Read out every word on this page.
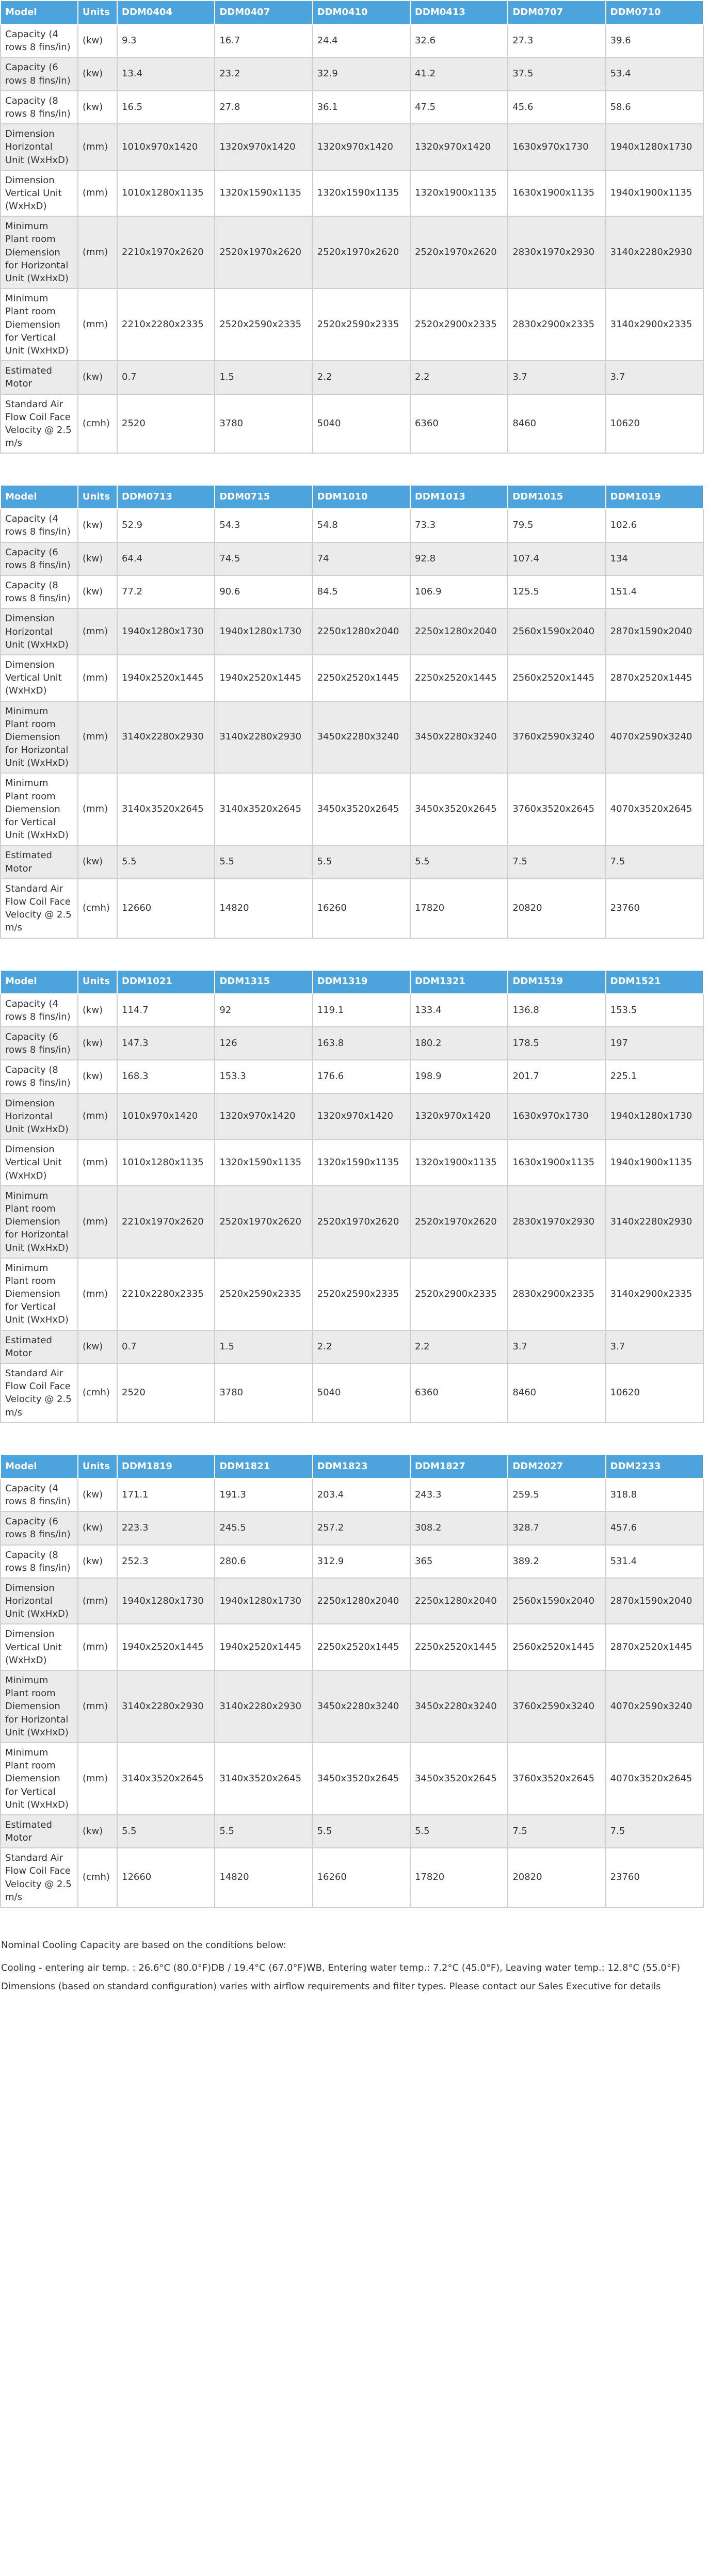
Model	Units	DDM0404	DDM0407	DDM0410	DDM0413	DDM0707	DDM0710
Capacity (4 rows 8 fins/in)	(kw)	9.3	16.7	24.4	32.6	27.3	39.6
Capacity (6 rows 8 fins/in)	(kw)	13.4	23.2	32.9	41.2	37.5	53.4
Capacity (8 rows 8 fins/in)	(kw)	16.5	27.8	36.1	47.5	45.6	58.6
Dimension Horizontal Unit (WxHxD)	(mm)	1010x970x1420	1320x970x1420	1320x970x1420	1320x970x1420	1630x970x1730	1940x1280x1730
Dimension Vertical Unit (WxHxD)	(mm)	1010x1280x1135	1320x1590x1135	1320x1590x1135	1320x1900x1135	1630x1900x1135	1940x1900x1135
Minimum Plant room Diemension for Horizontal Unit (WxHxD)	(mm)	2210x1970x2620	2520x1970x2620	2520x1970x2620	2520x1970x2620	2830x1970x2930	3140x2280x2930
Minimum Plant room Diemension for Vertical Unit (WxHxD)	(mm)	2210x2280x2335	2520x2590x2335	2520x2590x2335	2520x2900x2335	2830x2900x2335	3140x2900x2335
Estimated Motor	(kw)	0.7	1.5	2.2	2.2	3.7	3.7
Standard Air Flow Coil Face Velocity @ 2.5 m/s	(cmh)	2520	3780	5040	6360	8460	10620
Model	Units	DDM0713	DDM0715	DDM1010	DDM1013	DDM1015	DDM1019
Capacity (4 rows 8 fins/in)	(kw)	52.9	54.3	54.8	73.3	79.5	102.6
Capacity (6 rows 8 fins/in)	(kw)	64.4	74.5	74	92.8	107.4	134
Capacity (8 rows 8 fins/in)	(kw)	77.2	90.6	84.5	106.9	125.5	151.4
Dimension Horizontal Unit (WxHxD)	(mm)	1940x1280x1730	1940x1280x1730	2250x1280x2040	2250x1280x2040	2560x1590x2040	2870x1590x2040
Dimension Vertical Unit (WxHxD)	(mm)	1940x2520x1445	1940x2520x1445	2250x2520x1445	2250x2520x1445	2560x2520x1445	2870x2520x1445
Minimum Plant room Diemension for Horizontal Unit (WxHxD)	(mm)	3140x2280x2930	3140x2280x2930	3450x2280x3240	3450x2280x3240	3760x2590x3240	4070x2590x3240
Minimum Plant room Diemension for Vertical Unit (WxHxD)	(mm)	3140x3520x2645	3140x3520x2645	3450x3520x2645	3450x3520x2645	3760x3520x2645	4070x3520x2645
Estimated Motor	(kw)	5.5	5.5	5.5	5.5	7.5	7.5
Standard Air Flow Coil Face Velocity @ 2.5 m/s	(cmh)	12660	14820	16260	17820	20820	23760
Model	Units	DDM1021	DDM1315	DDM1319	DDM1321	DDM1519	DDM1521
Capacity (4 rows 8 fins/in)	(kw)	114.7	92	119.1	133.4	136.8	153.5
Capacity (6 rows 8 fins/in)	(kw)	147.3	126	163.8	180.2	178.5	197
Capacity (8 rows 8 fins/in)	(kw)	168.3	153.3	176.6	198.9	201.7	225.1
Dimension Horizontal Unit (WxHxD)	(mm)	1010x970x1420	1320x970x1420	1320x970x1420	1320x970x1420	1630x970x1730	1940x1280x1730
Dimension Vertical Unit (WxHxD)	(mm)	1010x1280x1135	1320x1590x1135	1320x1590x1135	1320x1900x1135	1630x1900x1135	1940x1900x1135
Minimum Plant room Diemension for Horizontal Unit (WxHxD)	(mm)	2210x1970x2620	2520x1970x2620	2520x1970x2620	2520x1970x2620	2830x1970x2930	3140x2280x2930
Minimum Plant room Diemension for Vertical Unit (WxHxD)	(mm)	2210x2280x2335	2520x2590x2335	2520x2590x2335	2520x2900x2335	2830x2900x2335	3140x2900x2335
Estimated Motor	(kw)	0.7	1.5	2.2	2.2	3.7	3.7
Standard Air Flow Coil Face Velocity @ 2.5 m/s	(cmh)	2520	3780	5040	6360	8460	10620
Model	Units	DDM1819	DDM1821	DDM1823	DDM1827	DDM2027	DDM2233
Capacity (4 rows 8 fins/in)	(kw)	171.1	191.3	203.4	243.3	259.5	318.8
Capacity (6 rows 8 fins/in)	(kw)	223.3	245.5	257.2	308.2	328.7	457.6
Capacity (8 rows 8 fins/in)	(kw)	252.3	280.6	312.9	365	389.2	531.4
Dimension Horizontal Unit (WxHxD)	(mm)	1940x1280x1730	1940x1280x1730	2250x1280x2040	2250x1280x2040	2560x1590x2040	2870x1590x2040
Dimension Vertical Unit (WxHxD)	(mm)	1940x2520x1445	1940x2520x1445	2250x2520x1445	2250x2520x1445	2560x2520x1445	2870x2520x1445
Minimum Plant room Diemension for Horizontal Unit (WxHxD)	(mm)	3140x2280x2930	3140x2280x2930	3450x2280x3240	3450x2280x3240	3760x2590x3240	4070x2590x3240
Minimum Plant room Diemension for Vertical Unit (WxHxD)	(mm)	3140x3520x2645	3140x3520x2645	3450x3520x2645	3450x3520x2645	3760x3520x2645	4070x3520x2645
Estimated Motor	(kw)	5.5	5.5	5.5	5.5	7.5	7.5
Standard Air Flow Coil Face Velocity @ 2.5 m/s	(cmh)	12660	14820	16260	17820	20820	23760

Nominal Cooling Capacity are based on the conditions below:

Cooling - entering air temp. : 26.6°C (80.0°F)DB / 19.4°C (67.0°F)WB, Entering water temp.: 7.2°C (45.0°F), Leaving water temp.: 12.8°C (55.0°F)

Dimensions (based on standard configuration) varies with airflow requirements and filter types. Please contact our Sales Executive for details
